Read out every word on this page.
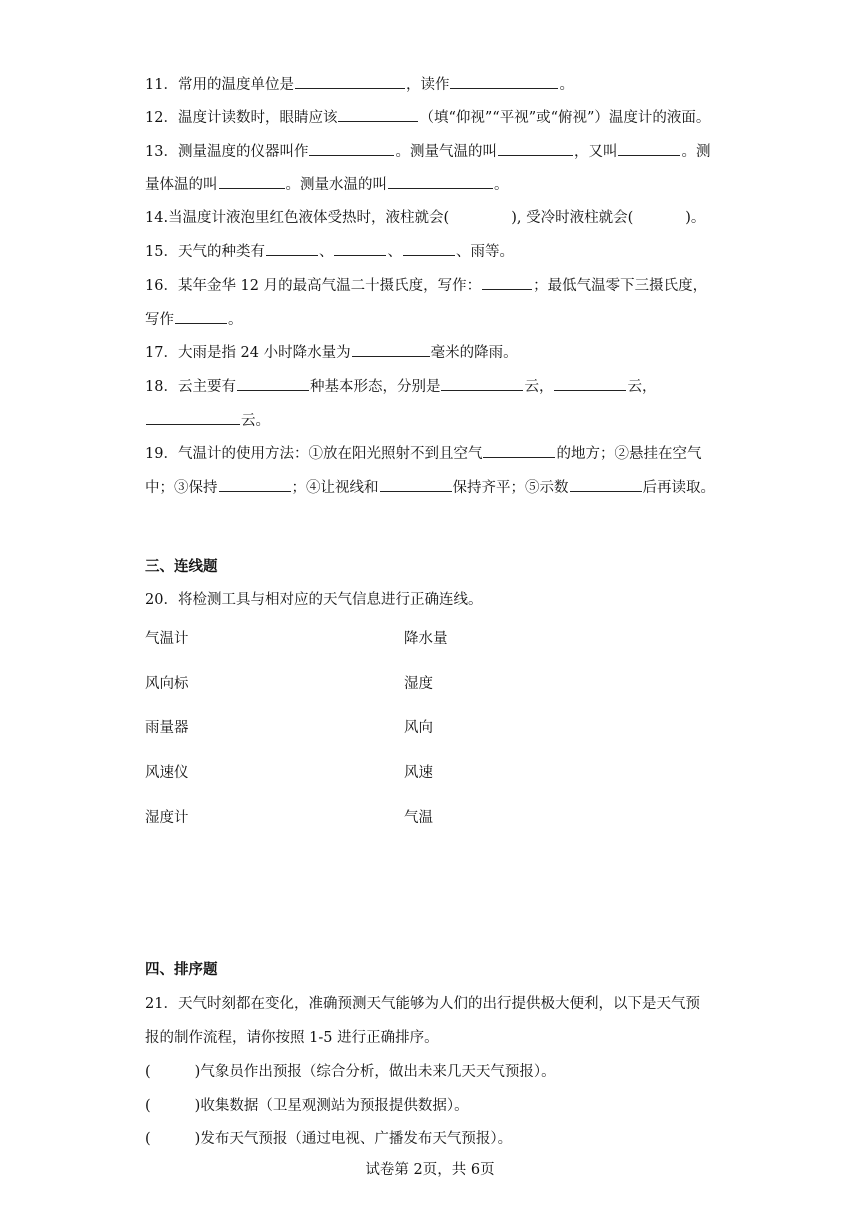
11．常用的温度单位是	，读作	。
12．温度计读数时，眼睛应该	（填“仰视”“平视”或“俯视”）温度计的液面。
13．测量温度的仪器叫作	。测量气温的叫	，又叫	。测
量体温的叫	。测量水温的叫	。
14.当温度计液泡里红色液体受热时，液柱就会(	), 受冷时液柱就会(	)。
15．天气的种类有	、	、	、雨等。
16．某年金华 12 月的最高气温二十摄氏度，写作：	；最低气温零下三摄氏度，
写作	。
17．大雨是指 24 小时降水量为	毫米的降雨。
18．云主要有	种基本形态，分别是	云，	云，
云。
19．气温计的使用方法：①放在阳光照射不到且空气	的地方；②悬挂在空气
中；③保持	；④让视线和	保持齐平；⑤示数	后再读取。
三、连线题
20．将检测工具与相对应的天气信息进行正确连线。
气温计	降水量
风向标	湿度
雨量器	风向
风速仪	风速
湿度计	气温
四、排序题
21．天气时刻都在变化，准确预测天气能够为人们的出行提供极大便利，以下是天气预
报的制作流程，请你按照 1-5 进行正确排序。
(	)气象员作出预报（综合分析，做出未来几天天气预报）。
(	)收集数据（卫星观测站为预报提供数据）。
(	)发布天气预报（通过电视、广播发布天气预报）。
试卷第 2页，共 6页
